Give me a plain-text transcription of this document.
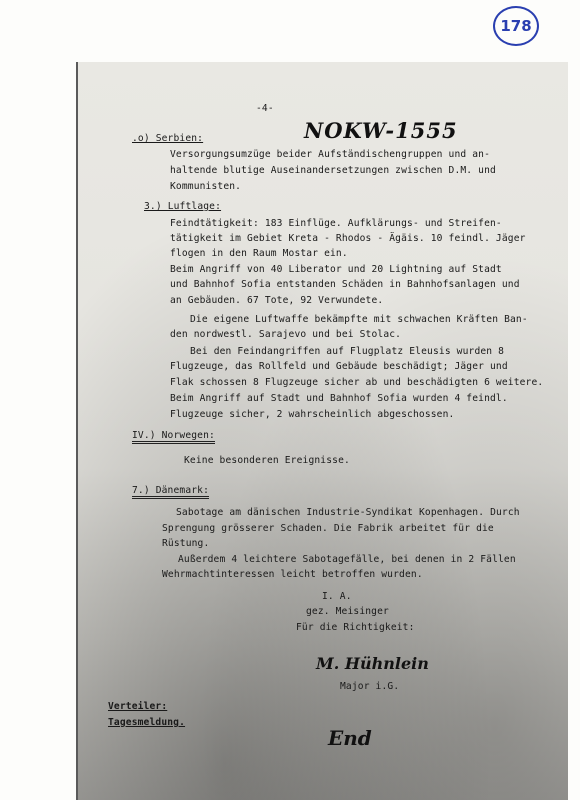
178
-4-
NOKW-1555
.o) Serbien:
Versorgungsumzüge beider Aufständischengruppen und an-
haltende blutige Auseinandersetzungen zwischen D.M. und
Kommunisten.
3.) Luftlage:
Feindtätigkeit: 183 Einflüge. Aufklärungs- und Streifen-
tätigkeit im Gebiet Kreta - Rhodos - Ägäis. 10 feindl. Jäger
flogen in den Raum Mostar ein.
Beim Angriff von 40 Liberator und 20 Lightning auf Stadt
und Bahnhof Sofia entstanden Schäden in Bahnhofsanlagen und
an Gebäuden. 67 Tote, 92 Verwundete.
Die eigene Luftwaffe bekämpfte mit schwachen Kräften Ban-
den nordwestl. Sarajevo und bei Stolac.
Bei den Feindangriffen auf Flugplatz Eleusis wurden 8
Flugzeuge, das Rollfeld und Gebäude beschädigt; Jäger und
Flak schossen 8 Flugzeuge sicher ab und beschädigten 6 weitere.
Beim Angriff auf Stadt und Bahnhof Sofia wurden 4 feindl.
Flugzeuge sicher, 2 wahrscheinlich abgeschossen.
IV.) Norwegen:
Keine besonderen Ereignisse.
7.) Dänemark:
Sabotage am dänischen Industrie-Syndikat Kopenhagen. Durch
Sprengung grösserer Schaden. Die Fabrik arbeitet für die
Rüstung.
Außerdem 4 leichtere Sabotagefälle, bei denen in 2 Fällen
Wehrmachtinteressen leicht betroffen wurden.
I. A.
gez. Meisinger
Für die Richtigkeit:
M. Hühnlein
Major i.G.
Verteiler:
Tagesmeldung.
End
